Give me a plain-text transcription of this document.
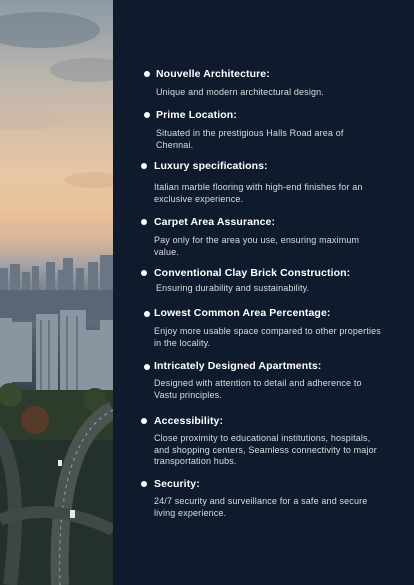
Nouvelle Architecture:
Unique and modern architectural design.
Prime Location:
Situated in the prestigious Halls Road area of Chennai.
Luxury specifications:
Italian marble flooring with high-end finishes for an exclusive experience.
Carpet Area Assurance:
Pay only for the area you use, ensuring maximum value.
Conventional Clay Brick Construction:
Ensuring durability and sustainability.
Lowest Common Area Percentage:
Enjoy more usable space compared to other properties in the locality.
Intricately Designed Apartments:
Designed with attention to detail and adherence to Vastu principles.
Accessibility:
Close proximity to educational institutions, hospitals, and shopping centers, Seamless connectivity to major transportation hubs.
Security:
24/7 security and surveillance for a safe and secure living experience.
